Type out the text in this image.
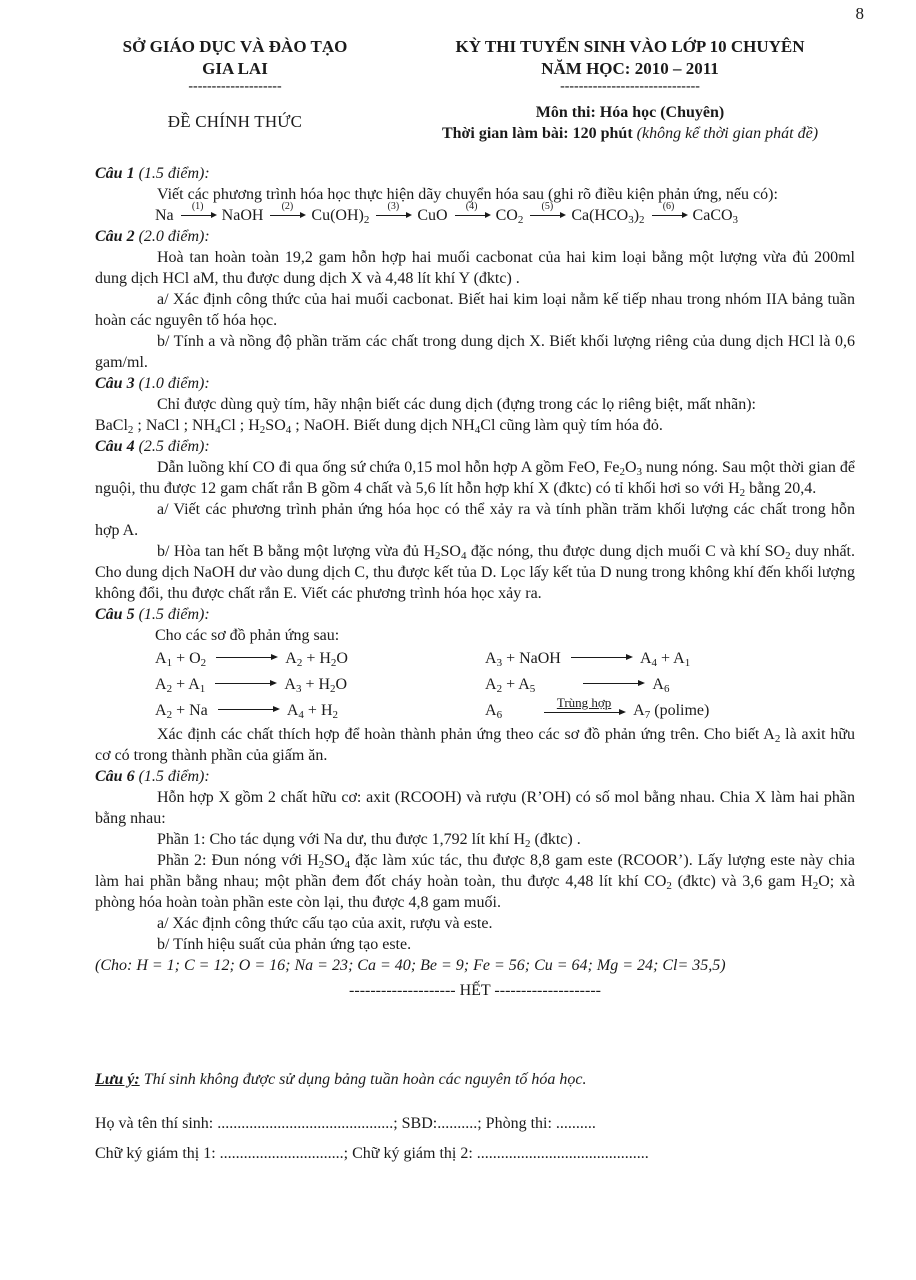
8
SỞ GIÁO DỤC VÀ ĐÀO TẠO
GIA LAI
--------------------
KỲ THI TUYỂN SINH VÀO LỚP 10 CHUYÊN
NĂM HỌC: 2010 – 2011
------------------------------
ĐỀ CHÍNH THỨC	Môn thi: Hóa học (Chuyên)
Thời gian làm bài: 120 phút (không kể thời gian phát đề)

Câu 1 (1.5 điểm):

Viết các phương trình hóa học thực hiện dãy chuyển hóa sau (ghi rõ điều kiện phản ứng, nếu có):

Na
(1)
NaOH
(2)
$Cu(OH)_2$
(3)
CuO
(4)
$CO_2$
(5)
$Ca(HCO_3)_2$
(6)
CaCO$_3$

Câu 2 (2.0 điểm):

Hoà tan hoàn toàn 19,2 gam hỗn hợp hai muối cacbonat của hai kim loại bằng một lượng vừa đủ 200ml dung dịch HCl aM, thu được dung dịch X và 4,48 lít khí Y (đktc) .

a/ Xác định công thức của hai muối cacbonat. Biết hai kim loại nằm kế tiếp nhau trong nhóm IIA bảng tuần hoàn các nguyên tố hóa học.

b/ Tính a và nồng độ phần trăm các chất trong dung dịch X. Biết khối lượng riêng của dung dịch HCl là 0,6 gam/ml.

Câu 3 (1.0 điểm):

Chỉ được dùng quỳ tím, hãy nhận biết các dung dịch (đựng trong các lọ riêng biệt, mất nhãn):

BaCl$_2$ ; NaCl ; $NH_4Cl$ ; $H_2SO_4$ ; NaOH. Biết dung dịch $NH_4Cl$ cũng làm quỳ tím hóa đỏ.

Câu 4 (2.5 điểm):

Dẫn luồng khí CO đi qua ống sứ chứa 0,15 mol hỗn hợp A gồm FeO, $Fe_2O_3$ nung nóng. Sau một thời gian để nguội, thu được 12 gam chất rắn B gồm 4 chất và 5,6 lít hỗn hợp khí X (đktc) có tỉ khối hơi so với $H_2$ bằng 20,4.

a/ Viết các phương trình phản ứng hóa học có thể xảy ra và tính phần trăm khối lượng các chất trong hỗn hợp A.

b/ Hòa tan hết B bằng một lượng vừa đủ $H_2SO_4$ đặc nóng, thu được dung dịch muối C và khí $SO_2$ duy nhất. Cho dung dịch NaOH dư vào dung dịch C, thu được kết tủa D. Lọc lấy kết tủa D nung trong không khí đến khối lượng không đổi, thu được chất rắn E. Viết các phương trình hóa học xảy ra.

Câu 5 (1.5 điểm):

Cho các sơ đồ phản ứng sau:

$A_1 + O_2$	$A_2 + H_2O$	$A_3$ + NaOH	$A_4 + A_1$
$A_2 + A_1$	$A_3 + H_2O$	$A_2 + A_5$	$A_6$
$A_2 + Na$	$A_4 + H_2$	$A_6$ $^{Trùng hợp}$
$A_7$ (polime)

Xác định các chất thích hợp để hoàn thành phản ứng theo các sơ đồ phản ứng trên. Cho biết $A_2$ là axit hữu cơ có trong thành phần của giấm ăn.

Câu 6 (1.5 điểm):

Hỗn hợp X gồm 2 chất hữu cơ: axit (RCOOH) và rượu (R’OH) có số mol bằng nhau. Chia X làm hai phần bằng nhau:

Phần 1: Cho tác dụng với Na dư, thu được 1,792 lít khí $H_2$ (đktc) .

Phần 2: Đun nóng với $H_2SO_4$ đặc làm xúc tác, thu được 8,8 gam este (RCOOR’). Lấy lượng este này chia làm hai phần bằng nhau; một phần đem đốt cháy hoàn toàn, thu được 4,48 lít khí $CO_2$ (đktc) và 3,6 gam $H_2O$; xà phòng hóa hoàn toàn phần este còn lại, thu được 4,8 gam muối.

a/ Xác định công thức cấu tạo của axit, rượu và este.

b/ Tính hiệu suất của phản ứng tạo este.

(Cho: H = 1; C = 12; O = 16; Na = 23; Ca = 40; Be = 9; Fe = 56; Cu = 64; Mg = 24; Cl= 35,5)

-------------------- HẾT --------------------

Lưu ý: Thí sinh không được sử dụng bảng tuần hoàn các nguyên tố hóa học.
Họ và tên thí sinh: ............................................; SBD:..........; Phòng thi: ..........
Chữ ký giám thị 1: ...............................; Chữ ký giám thị 2: ...........................................
